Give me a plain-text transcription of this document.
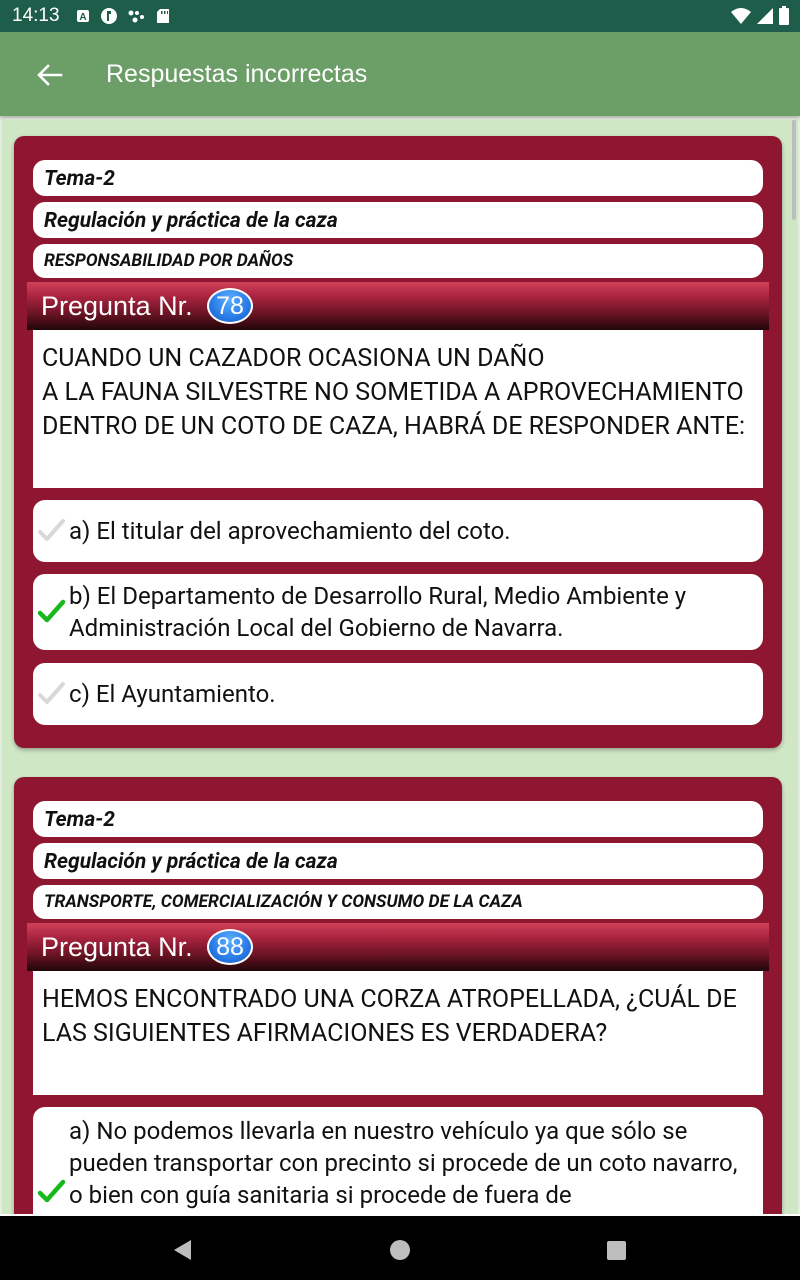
14:13 A
Respuestas incorrectas
Tema-2
Regulación y práctica de la caza
RESPONSABILIDAD POR DAÑOS
Pregunta Nr. 78
CUANDO UN CAZADOR OCASIONA UN DAÑO
A LA FAUNA SILVESTRE NO SOMETIDA A APROVECHAMIENTO DENTRO DE UN COTO DE CAZA, HABRÁ DE RESPONDER ANTE:
a) El titular del aprovechamiento del coto.
b) El Departamento de Desarrollo Rural, Medio Ambiente y Administración Local del Gobierno de Navarra.
c) El Ayuntamiento.
Tema-2
Regulación y práctica de la caza
TRANSPORTE, COMERCIALIZACIÓN Y CONSUMO DE LA CAZA
Pregunta Nr. 88
HEMOS ENCONTRADO UNA CORZA ATROPELLADA, ¿CUÁL DE LAS SIGUIENTES AFIRMACIONES ES VERDADERA?
a) No podemos llevarla en nuestro vehículo ya que sólo se pueden transportar con precinto si procede de un coto navarro, o bien con guía sanitaria si procede de fuera de
